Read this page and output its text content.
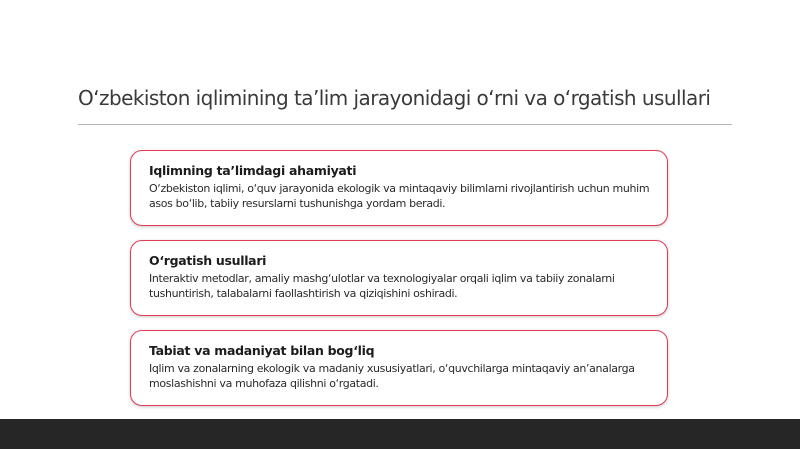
O‘zbekiston iqlimining ta’lim jarayonidagi o‘rni va o‘rgatish usullari
Iqlimning ta’limdagi ahamiyati

O‘zbekiston iqlimi, o‘quv jarayonida ekologik va mintaqaviy bilimlarni rivojlantirish uchun muhim asos bo‘lib, tabiiy resurslarni tushunishga yordam beradi.

O‘rgatish usullari

Interaktiv metodlar, amaliy mashg‘ulotlar va texnologiyalar orqali iqlim va tabiiy zonalarni tushuntirish, talabalarni faollashtirish va qiziqishini oshiradi.

Tabiat va madaniyat bilan bog‘liq

Iqlim va zonalarning ekologik va madaniy xususiyatlari, o‘quvchilarga mintaqaviy an’analarga moslashishni va muhofaza qilishni o‘rgatadi.
